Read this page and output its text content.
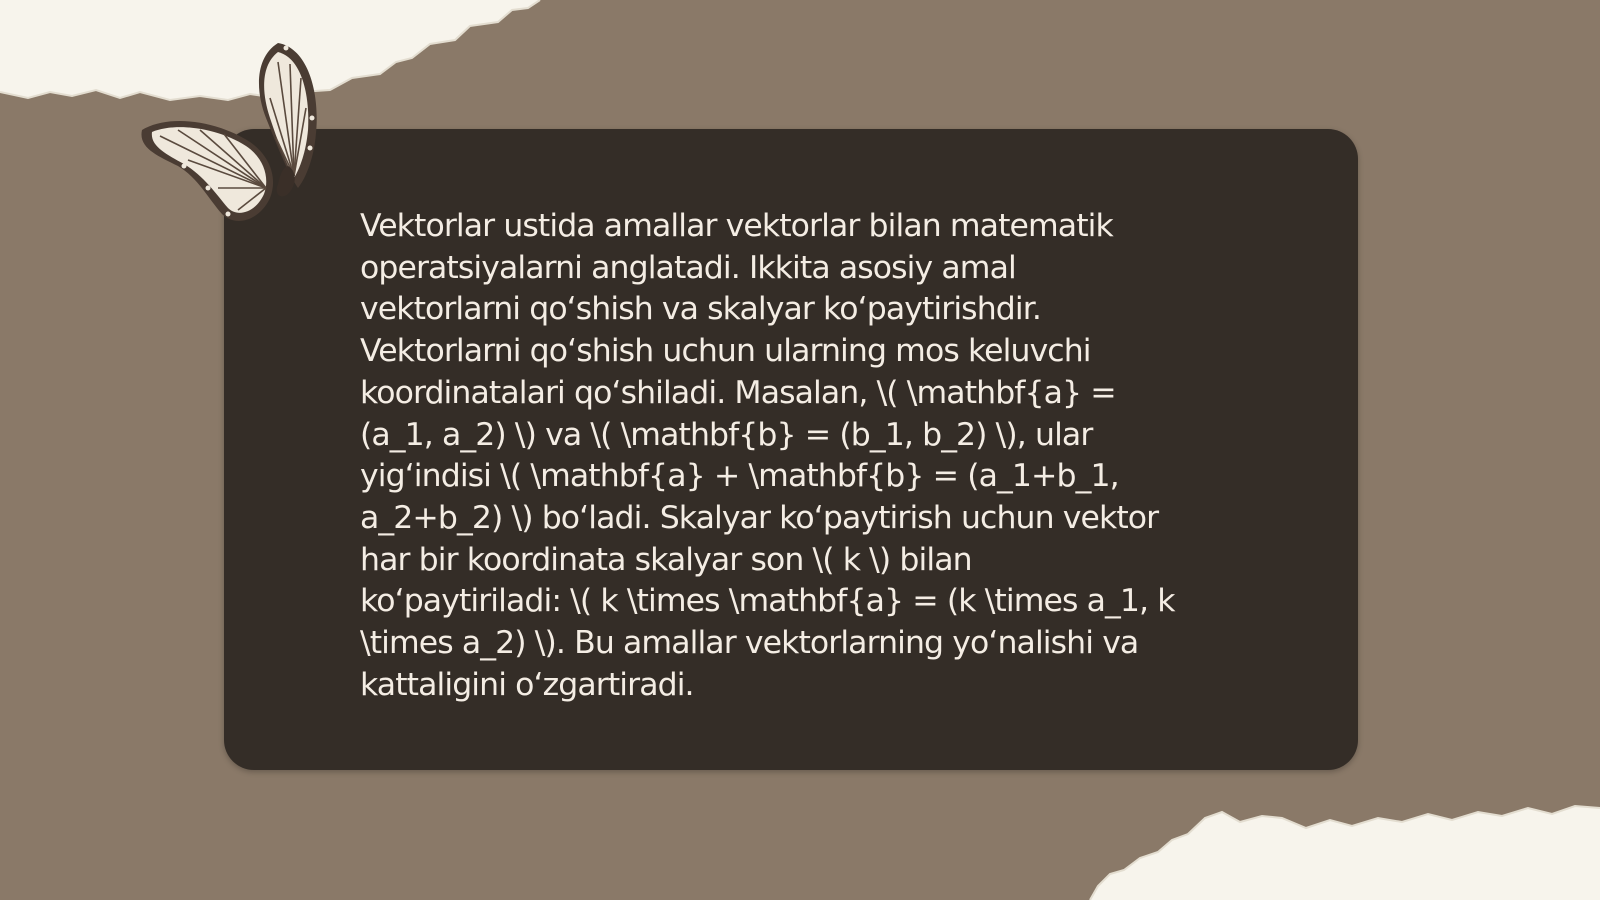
Vektorlar ustida amallar vektorlar bilan matematik
operatsiyalarni anglatadi. Ikkita asosiy amal
vektorlarni qo‘shish va skalyar ko‘paytirishdir.
Vektorlarni qo‘shish uchun ularning mos keluvchi
koordinatalari qo‘shiladi. Masalan, \( \mathbf{a} =
(a_1, a_2) \) va \( \mathbf{b} = (b_1, b_2) \), ular
yig‘indisi \( \mathbf{a} + \mathbf{b} = (a_1+b_1,
a_2+b_2) \) bo‘ladi. Skalyar ko‘paytirish uchun vektor
har bir koordinata skalyar son \( k \) bilan
ko‘paytiriladi: \( k \times \mathbf{a} = (k \times a_1, k
\times a_2) \). Bu amallar vektorlarning yo‘nalishi va
kattaligini o‘zgartiradi.
